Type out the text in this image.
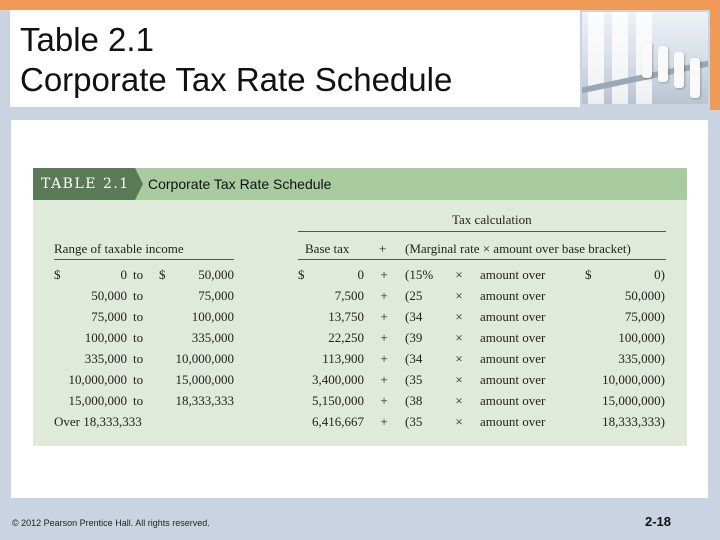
Table 2.1
Corporate Tax Rate Schedule
TABLE 2.1	Corporate Tax Rate Schedule
Tax calculation
Range of taxable income	Base tax + (Marginal rate × amount over base bracket)
$	0 to	$	50,000	$	0	+	(15%	×	amount over	$	0)
50,000 to	75,000	7,500	+	(25	×	amount over	50,000)
75,000 to	100,000	13,750	+	(34	×	amount over	75,000)
100,000 to	335,000	22,250	+	(39	×	amount over	100,000)
335,000 to	10,000,000	113,900	+	(34	×	amount over	335,000)
10,000,000 to	15,000,000	3,400,000	+	(35	×	amount over	10,000,000)
15,000,000 to	18,333,333	5,150,000	+	(38	×	amount over	15,000,000)
Over 18,333,333	6,416,667	+	(35	×	amount over	18,333,333)
© 2012 Pearson Prentice Hall. All rights reserved.	2-18
